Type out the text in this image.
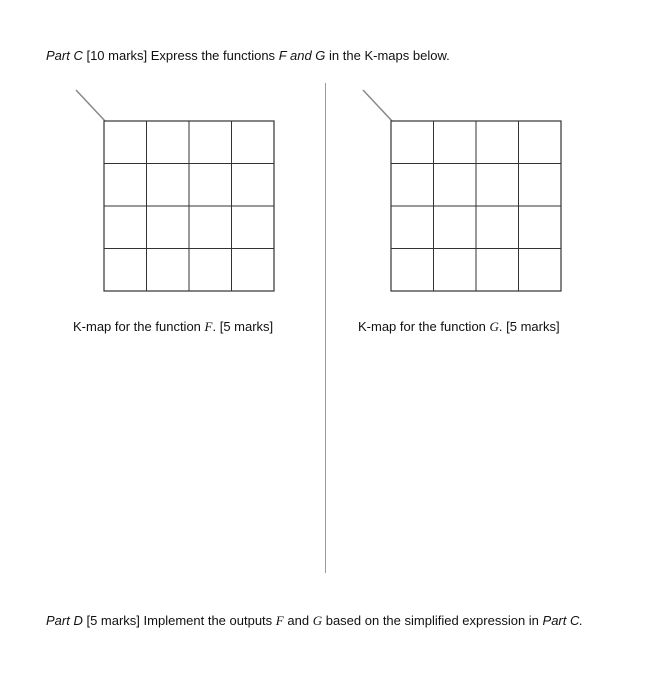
Part C [10 marks] Express the functions F and G in the K-maps below.
K-map for the function F. [5 marks]	K-map for the function G. [5 marks]
Part D [5 marks] Implement the outputs F and G based on the simplified expression in Part C.
